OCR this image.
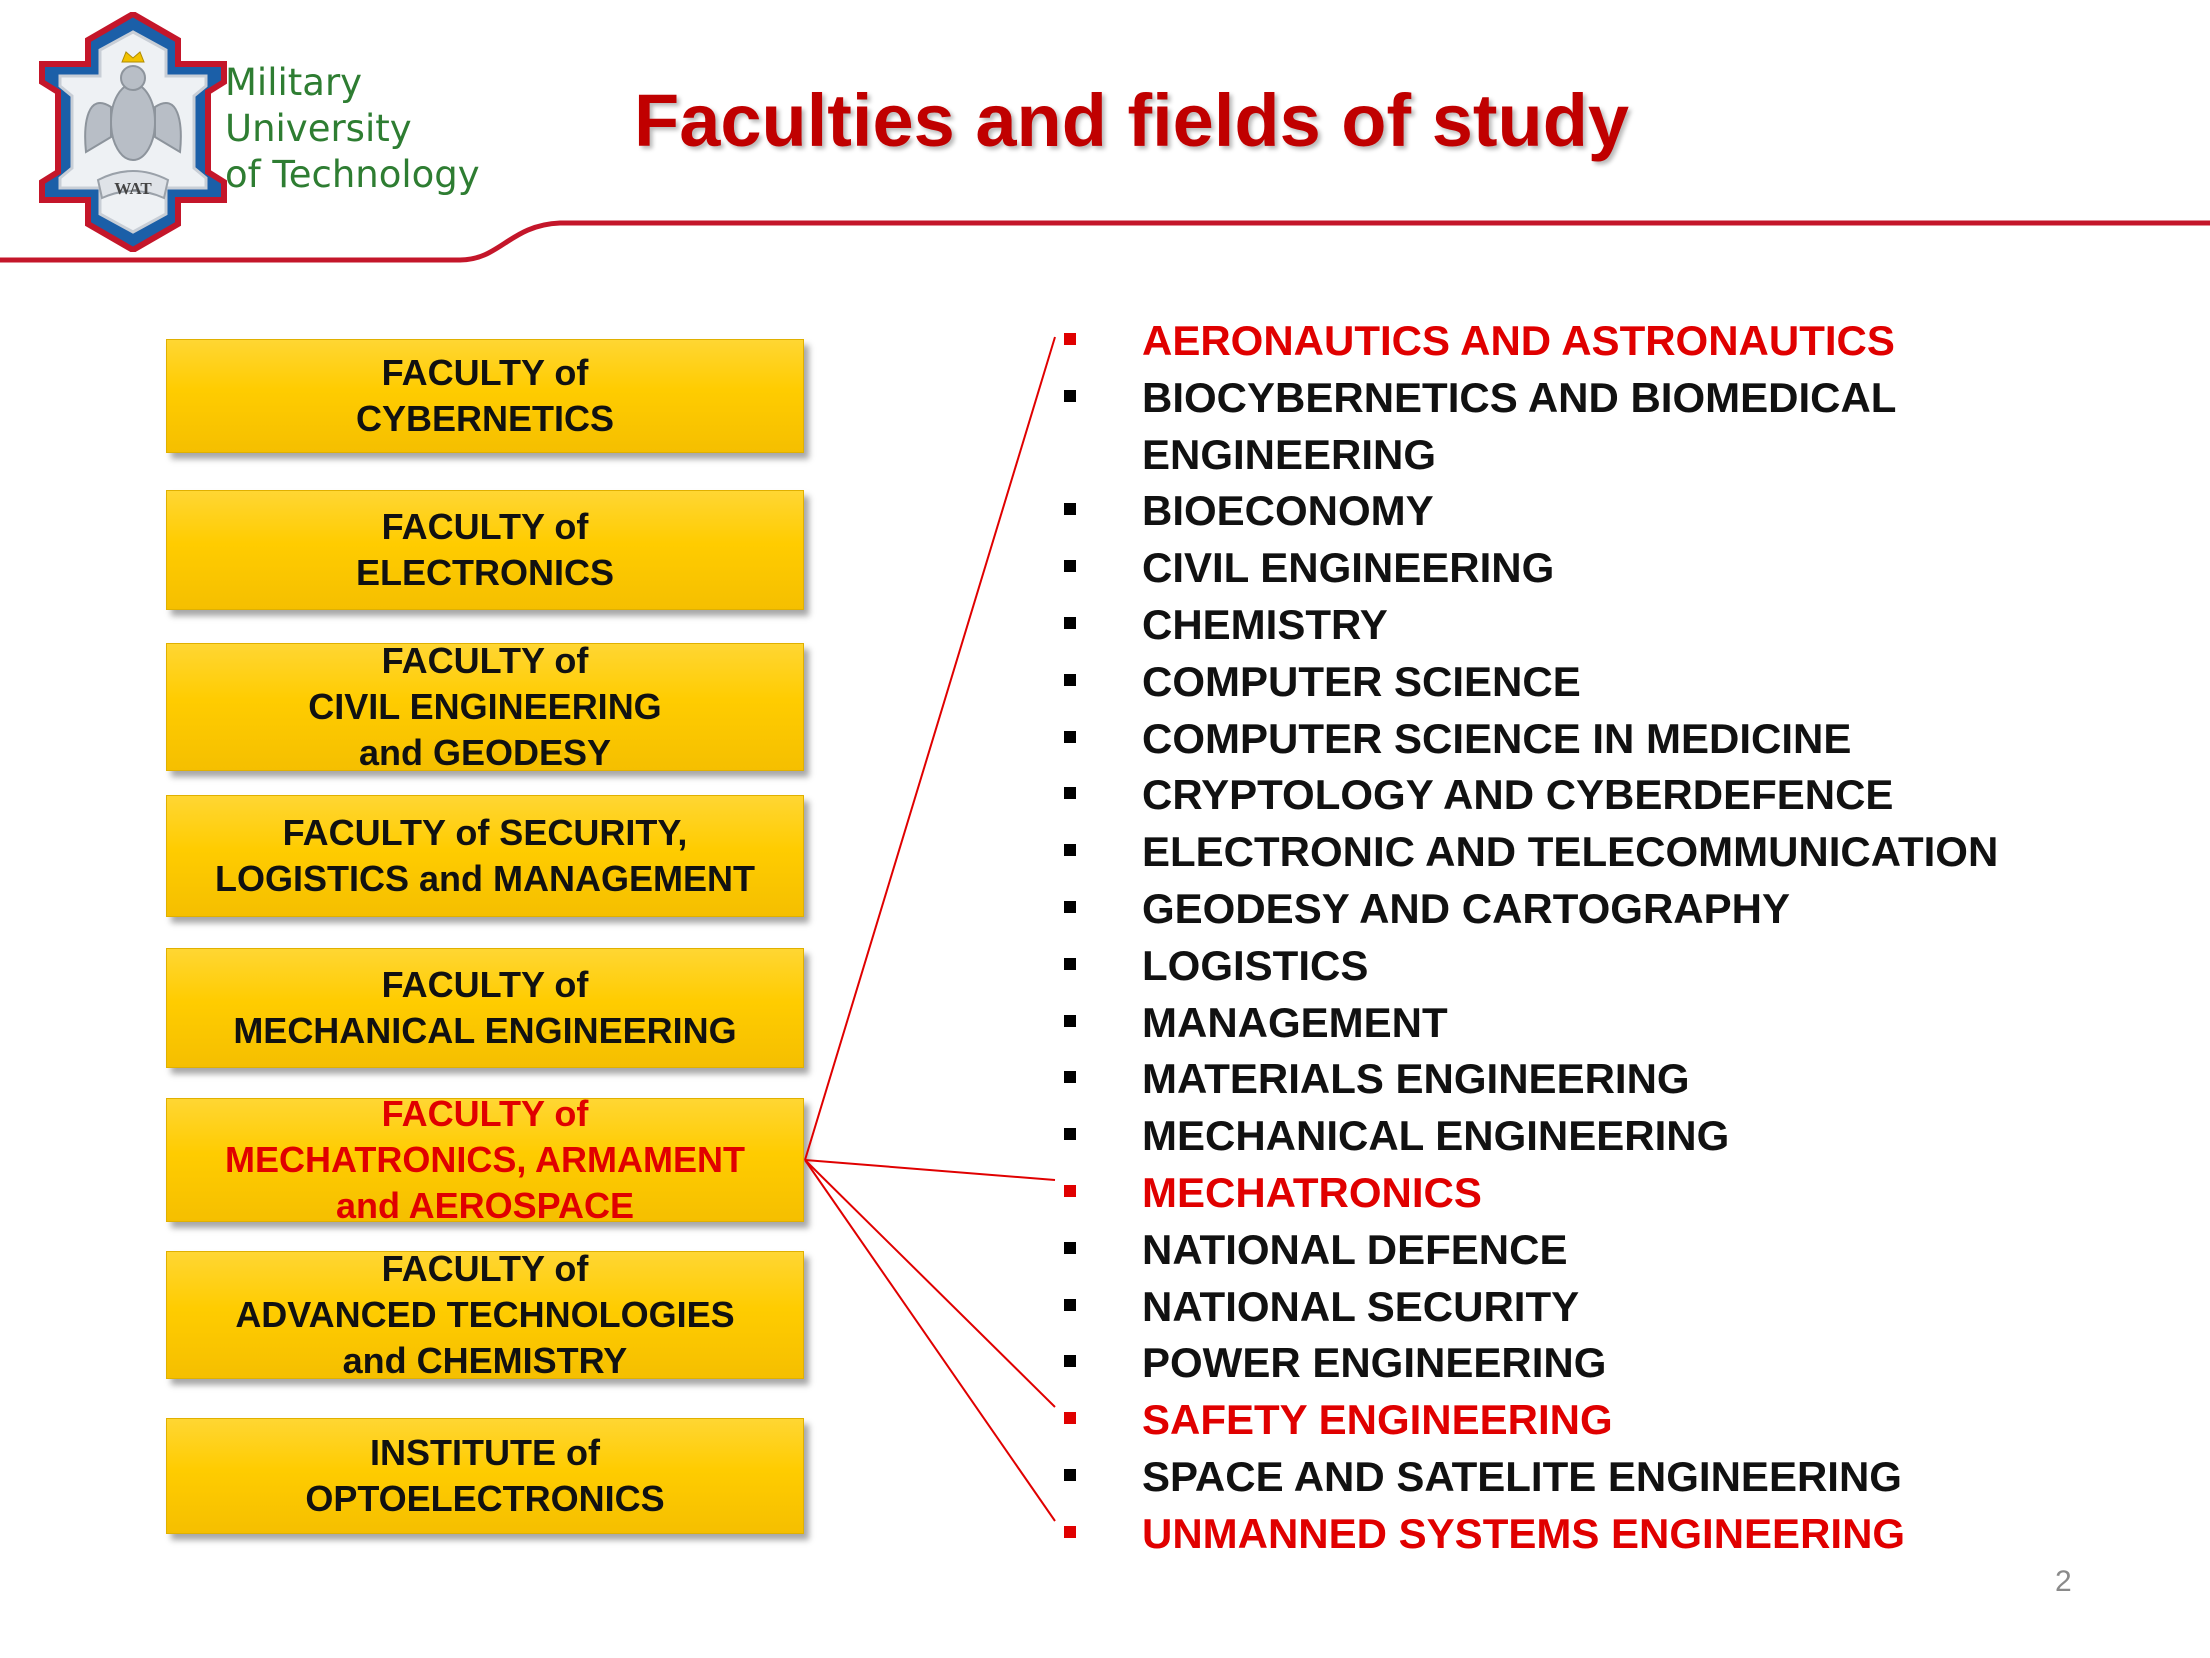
WAT
Military
University
of Technology
Faculties and fields of study
FACULTY of
CYBERNETICS
FACULTY of
ELECTRONICS
FACULTY of
CIVIL ENGINEERING
and GEODESY
FACULTY of SECURITY,
LOGISTICS and MANAGEMENT
FACULTY of
MECHANICAL ENGINEERING
FACULTY of
MECHATRONICS, ARMAMENT
and AEROSPACE
FACULTY of
ADVANCED TECHNOLOGIES
and CHEMISTRY
INSTITUTE of
OPTOELECTRONICS
AERONAUTICS AND ASTRONAUTICS
BIOCYBERNETICS AND BIOMEDICAL
ENGINEERING
BIOECONOMY
CIVIL ENGINEERING
CHEMISTRY
COMPUTER SCIENCE
COMPUTER SCIENCE IN MEDICINE
CRYPTOLOGY AND CYBERDEFENCE
ELECTRONIC AND TELECOMMUNICATION
GEODESY AND CARTOGRAPHY
LOGISTICS
MANAGEMENT
MATERIALS ENGINEERING
MECHANICAL ENGINEERING
MECHATRONICS
NATIONAL DEFENCE
NATIONAL SECURITY
POWER ENGINEERING
SAFETY ENGINEERING
SPACE AND SATELITE ENGINEERING
UNMANNED SYSTEMS ENGINEERING
2
